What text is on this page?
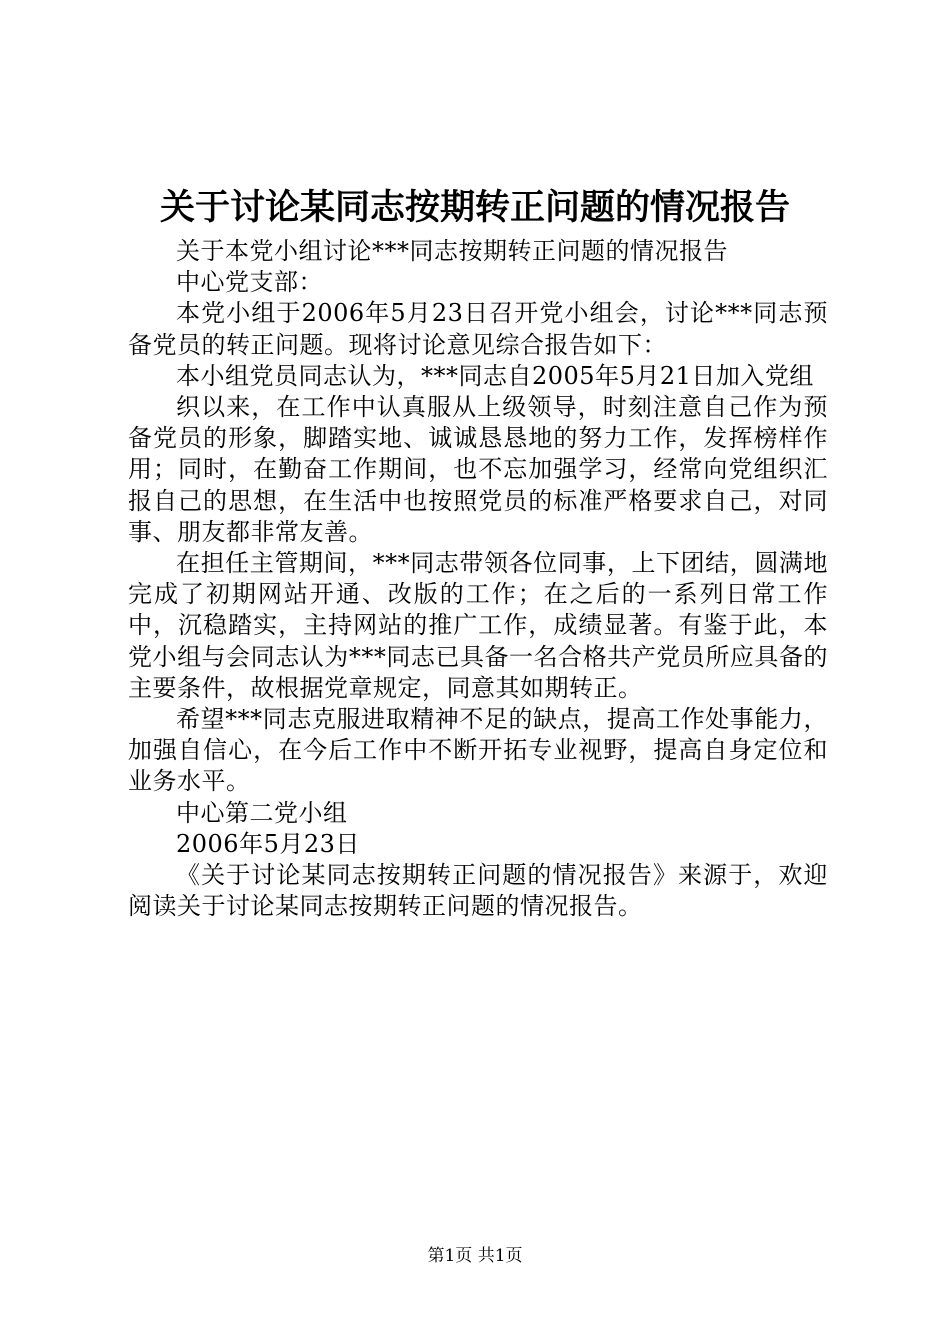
关于讨论某同志按期转正问题的情况报告

关于本党小组讨论***同志按期转正问题的情况报告

中心党支部：

本党小组于2006年5月23日召开党小组会，讨论***同志预备党员的转正问题。现将讨论意见综合报告如下：

本小组党员同志认为，***同志自2005年5月21日加入党组

织以来，在工作中认真服从上级领导，时刻注意自己作为预备党员的形象，脚踏实地、诚诚恳恳地的努力工作，发挥榜样作用；同时，在勤奋工作期间，也不忘加强学习，经常向党组织汇报自己的思想，在生活中也按照党员的标准严格要求自己，对同事、朋友都非常友善。

在担任主管期间，***同志带领各位同事，上下团结，圆满地完成了初期网站开通、改版的工作；在之后的一系列日常工作中，沉稳踏实，主持网站的推广工作，成绩显著。有鉴于此，本党小组与会同志认为***同志已具备一名合格共产党员所应具备的主要条件，故根据党章规定，同意其如期转正。

希望***同志克服进取精神不足的缺点，提高工作处事能力，加强自信心，在今后工作中不断开拓专业视野，提高自身定位和业务水平。

中心第二党小组

2006年5月23日

《关于讨论某同志按期转正问题的情况报告》来源于，欢迎阅读关于讨论某同志按期转正问题的情况报告。

第1页 共1页
